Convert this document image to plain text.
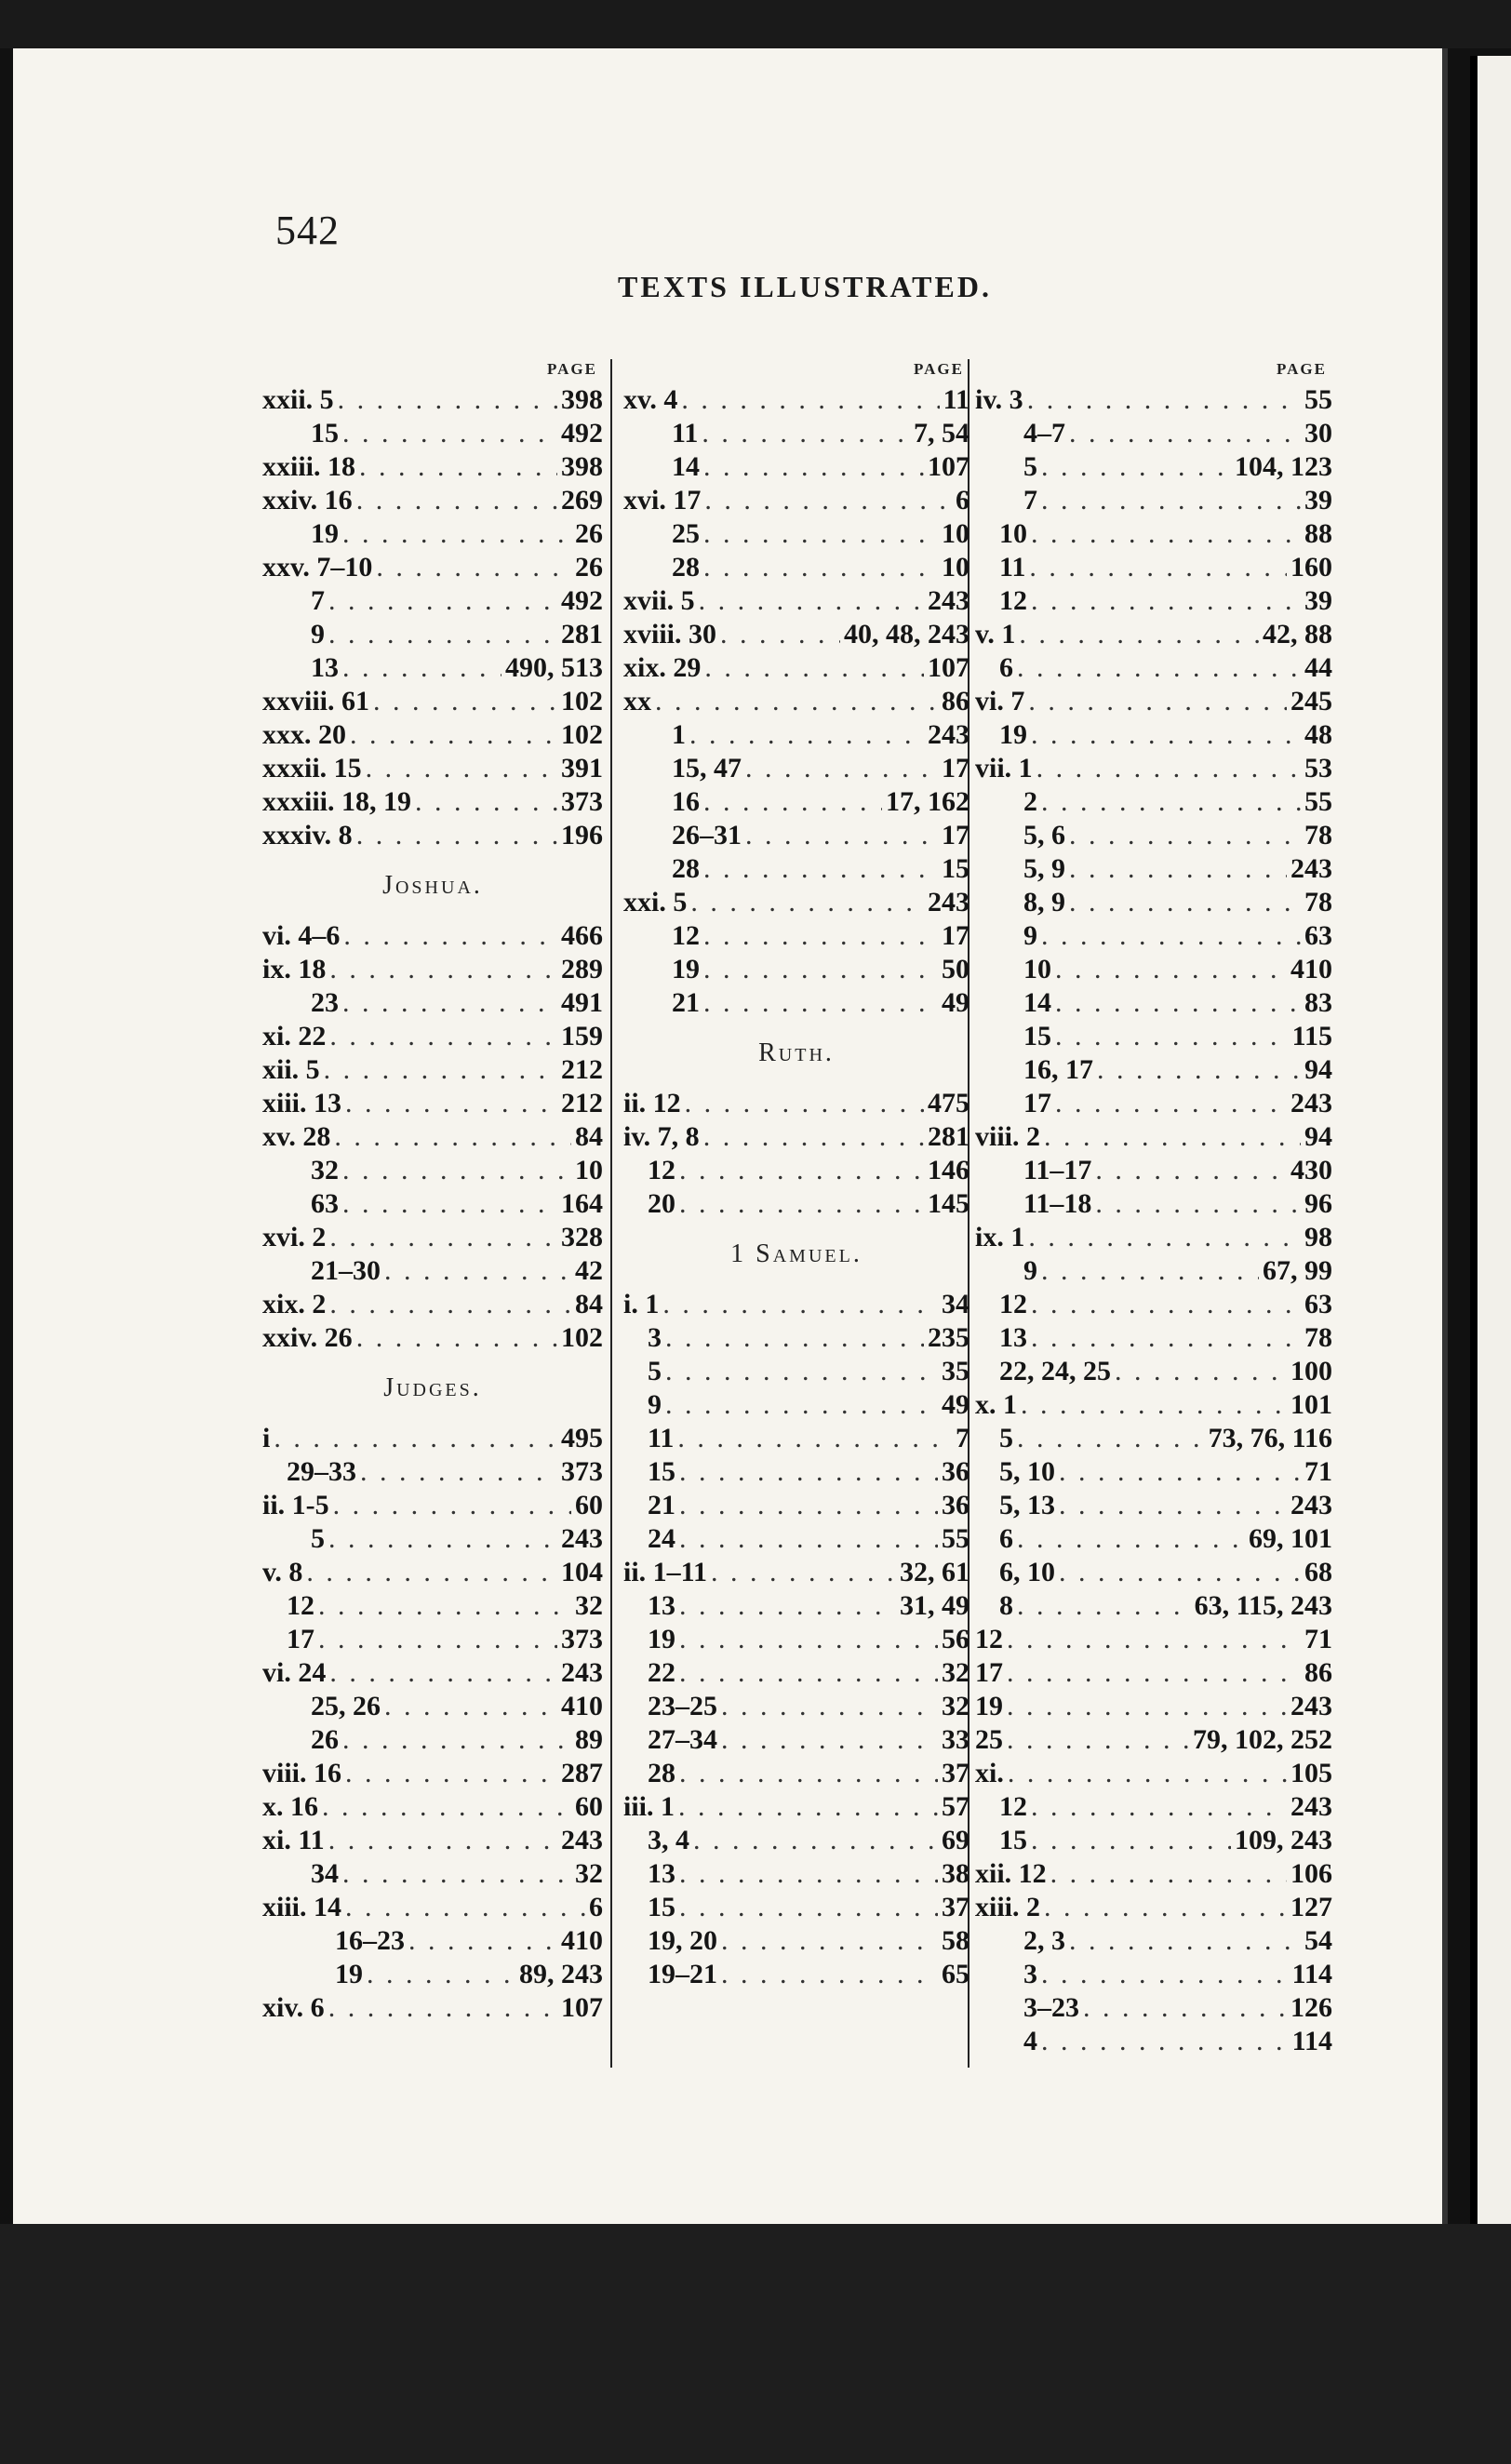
542
TEXTS ILLUSTRATED.
PAGE
xxii. 5 . . .	398
15 . . .	492
xxiii. 18 . . .	398
xxiv. 16 . . .	269
19 . . .	26
xxv. 7–10 . . .	26
7 . . .	492
9 . . .	281
13 . . .	490, 513
xxviii. 61 . . .	102
xxx. 20 . . .	102
xxxii. 15 . . .	391
xxxiii. 18, 19 . . .	373
xxxiv. 8 . . .	196
Joshua.
vi. 4–6 . . .	466
ix. 18 . . .	289
23 . . .	491
xi. 22 . . .	159
xii. 5 . . .	212
xiii. 13 . . .	212
xv. 28 . . .	84
32 . . .	10
63 . . .	164
xvi. 2 . . .	328
21–30 . . .	42
xix. 2 . . .	84
xxiv. 26 . . .	102
Judges.
i . . .	495
29–33 . . .	373
ii. 1-5 . . .	60
5 . . .	243
v. 8 . . .	104
12 . . .	32
17 . . .	373
vi. 24 . . .	243
25, 26 . . .	410
26 . . .	89
viii. 16 . . .	287
x. 16 . . .	60
xi. 11 . . .	243
34 . . .	32
xiii. 14 . . .	6
16–23 . . .	410
19 . . .	89, 243
xiv. 6 . . .	107
PAGE
xv. 4 . . .	11
11 . . .	7, 54
14 . . .	107
xvi. 17 . . .	6
25 . . .	10
28 . . .	10
xvii. 5 . . .	243
xviii. 30 . . .	40, 48, 243
xix. 29 . . .	107
xx . . .	86
1 . . .	243
15, 47 . . .	17
16 . . .	17, 162
26–31 . . .	17
28 . . .	15
xxi. 5 . . .	243
12 . . .	17
19 . . .	50
21 . . .	49
Ruth.
ii. 12 . . .	475
iv. 7, 8 . . .	281
12 . . .	146
20 . . .	145
1 Samuel.
i. 1 . . .	34
3 . . .	235
5 . . .	35
9 . . .	49
11 . . .	7
15 . . .	36
21 . . .	36
24 . . .	55
ii. 1–11 . . .	32, 61
13 . . .	31, 49
19 . . .	56
22 . . .	32
23–25 . . .	32
27–34 . . .	33
28 . . .	37
iii. 1 . . .	57
3, 4 . . .	69
13 . . .	38
15 . . .	37
19, 20 . . .	58
19–21 . . .	65
PAGE
iv. 3 . . .	55
4–7 . . .	30
5 . . .	104, 123
7 . . .	39
10 . . .	88
11 . . .	160
12 . . .	39
v. 1 . . .	42, 88
6 . . .	44
vi. 7 . . .	245
19 . . .	48
vii. 1 . . .	53
2 . . .	55
5, 6 . . .	78
5, 9 . . .	243
8, 9 . . .	78
9 . . .	63
10 . . .	410
14 . . .	83
15 . . .	115
16, 17 . . .	94
17 . . .	243
viii. 2 . . .	94
11–17 . . .	430
11–18 . . .	96
ix. 1 . . .	98
9 . . .	67, 99
12 . . .	63
13 . . .	78
22, 24, 25 . . .	100
x. 1 . . .	101
5 . . .	73, 76, 116
5, 10 . . .	71
5, 13 . . .	243
6 . . .	69, 101
6, 10 . . .	68
8 . . .	63, 115, 243
12 . . .	71
17 . . .	86
19 . . .	243
25 . . .	79, 102, 252
xi. . . .	105
12 . . .	243
15 . . .	109, 243
xii. 12 . . .	106
xiii. 2 . . .	127
2, 3 . . .	54
3 . . .	114
3–23 . . .	126
4 . . .	114
